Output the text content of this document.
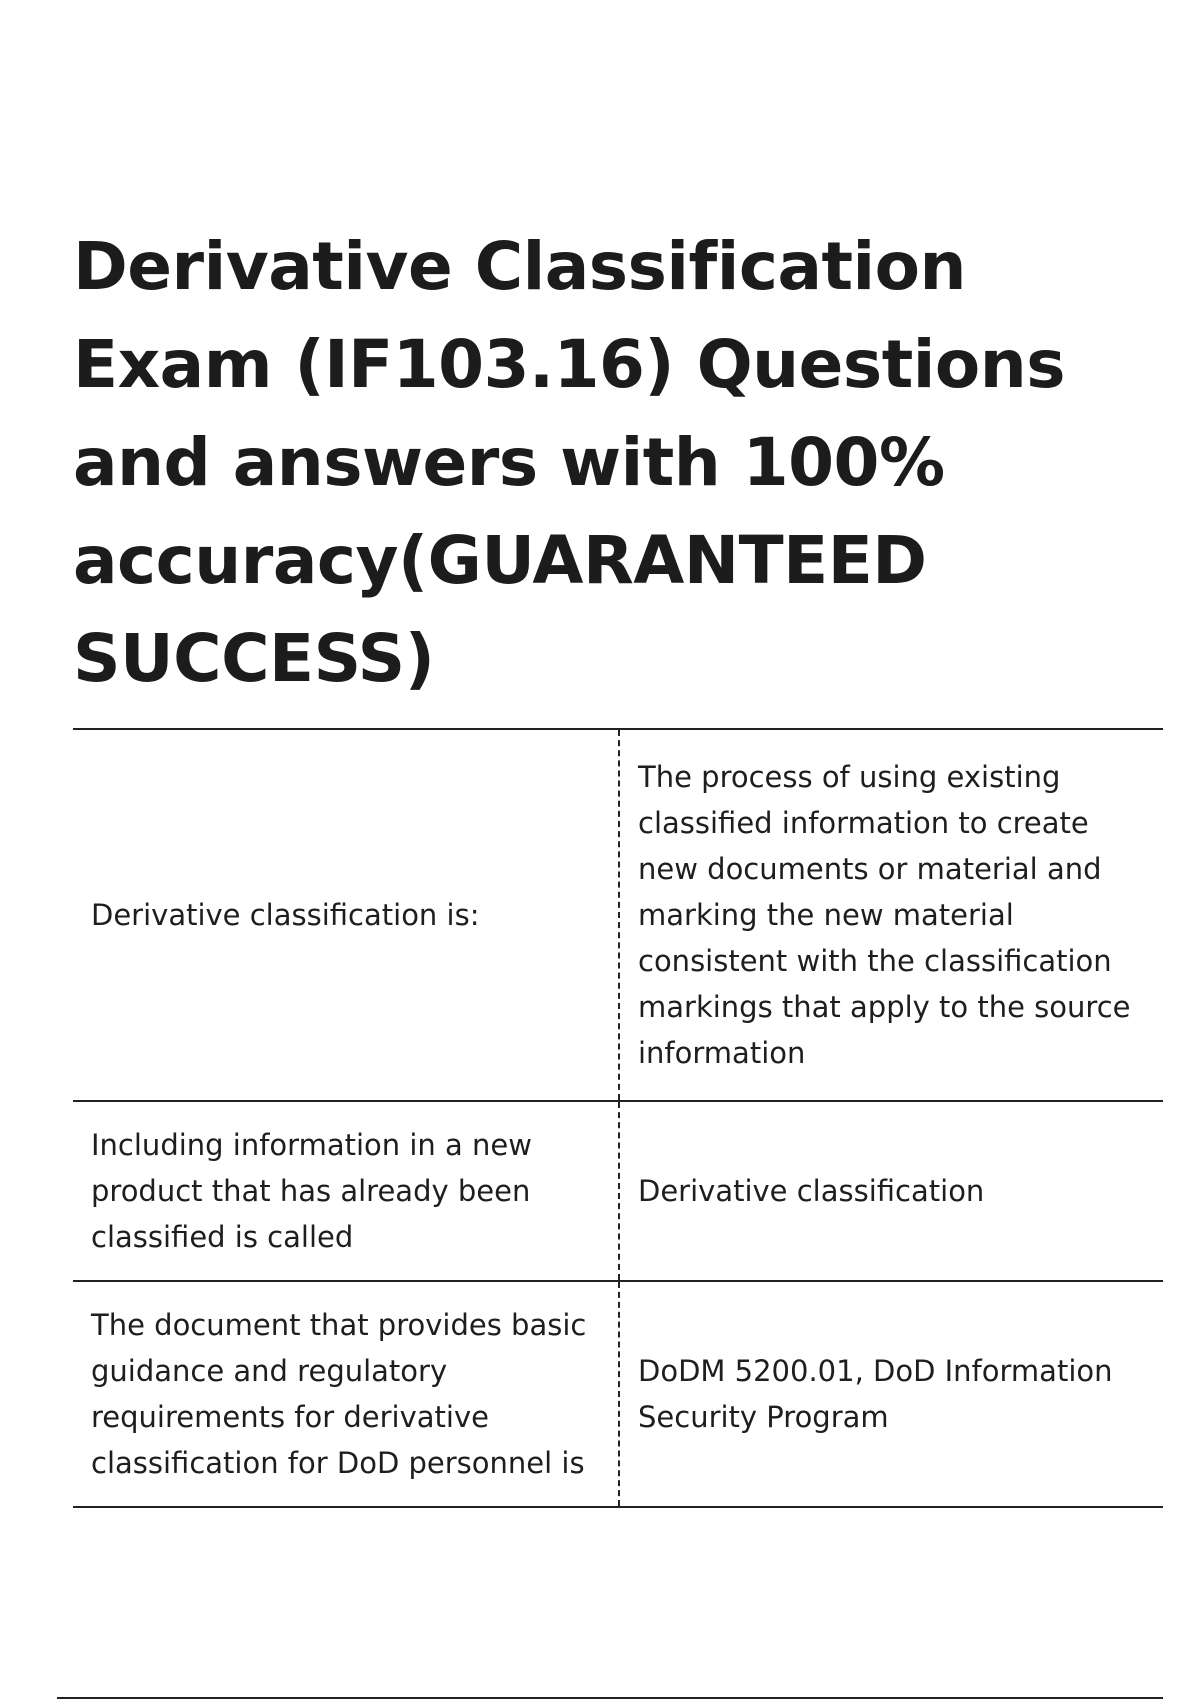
Derivative Classification Exam (IF103.16) Questions and answers with 100% accuracy(GUARANTEED SUCCESS)
Derivative classification is:	The process of using existing classified information to create new documents or material and marking the new material consistent with the classification markings that apply to the source information
Including information in a new product that has already been classified is called	Derivative classification
The document that provides basic guidance and regulatory requirements for derivative classification for DoD personnel is	DoDM 5200.01, DoD Information Security Program
